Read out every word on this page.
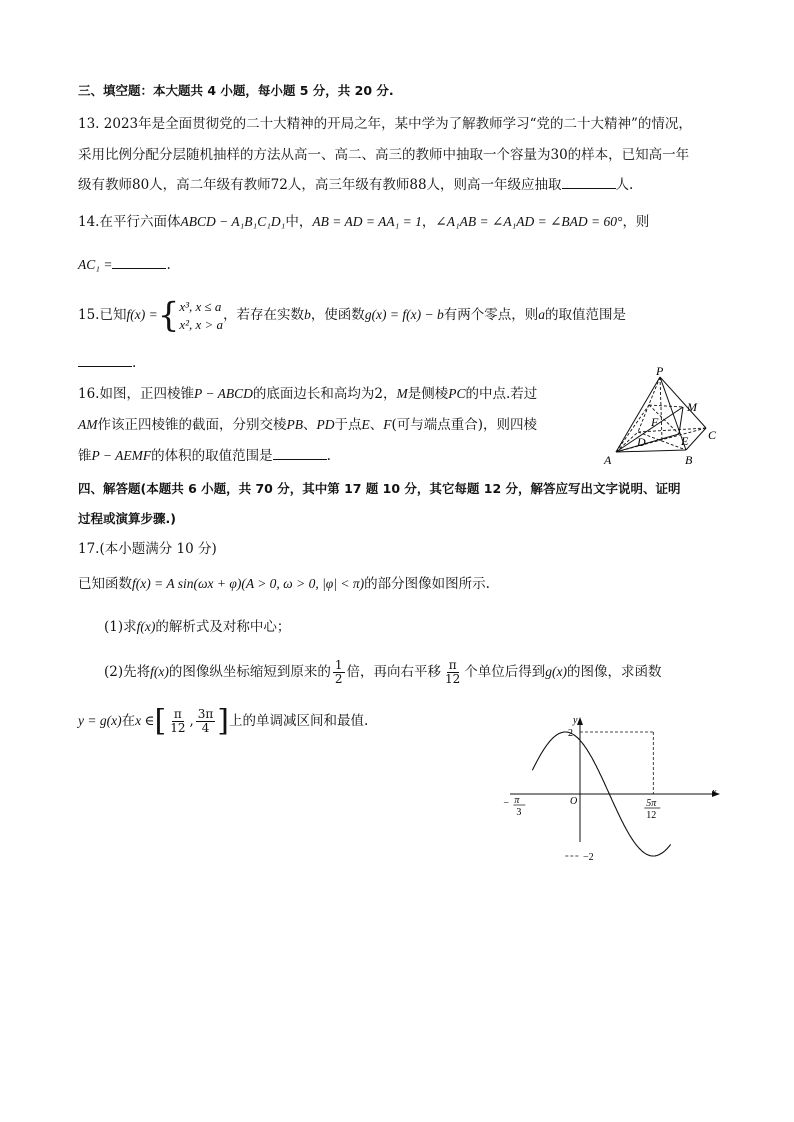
三、填空题：本大题共 4 小题，每小题 5 分，共 20 分.
13. 2023年是全面贯彻党的二十大精神的开局之年，某中学为了解教师学习“党的二十大精神”的情况，
采用比例分配分层随机抽样的方法从高一、高二、高三的教师中抽取一个容量为30的样本，已知高一年
级有教师80人，高二年级有教师72人，高三年级有教师88人，则高一年级应抽取	人.
14.在平行六面体ABCD − A₁B₁C₁D₁中，AB = AD = AA₁ = 1，∠A₁AB = ∠A₁AD = ∠BAD = 60°，则
AC₁ =	.
15.已知f(x) ={ x³, x ≤ a
x², x > a
，若存在实数b，使函数g(x) = f(x) − b有两个零点，则a的取值范围是
.
16.如图，正四棱锥P − ABCD的底面边长和高均为2，M是侧棱PC的中点.若过
AM作该正四棱锥的截面，分别交棱PB、PD于点E、F(可与端点重合)，则四棱
锥P − AEMF的体积的取值范围是	.
P
M
F
D	E C
A	B
四、解答题(本题共 6 小题，共 70 分，其中第 17 题 10 分，其它每题 12 分，解答应写出文字说明、证明
过程或演算步骤.)
17.(本小题满分 10 分)
已知函数f(x) = A sin(ωx + φ)(A > 0, ω > 0, |φ| < π)的部分图像如图所示.
(1)求f(x)的解析式及对称中心；
(2)先将f(x)的图像纵坐标缩短到原来的 $\frac{1}{2}$ 倍，再向右平移 $\frac{\pi}{12}$ 个单位后得到g(x)的图像，求函数
y = g(x)在x ∈[ $\frac{\pi}{12}$ , $\frac{3\pi}{4}$ ]上的单调减区间和最值.
x
y
O
− π
3
5π
12
2
−2
